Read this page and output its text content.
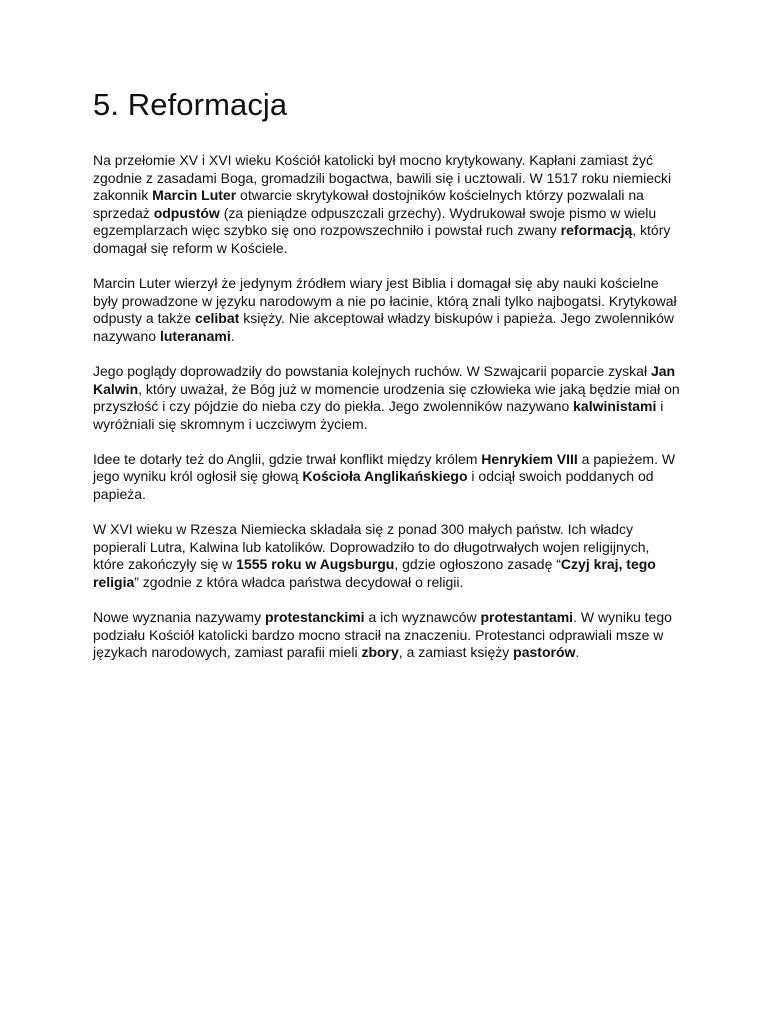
5. Reformacja

Na przełomie XV i XVI wieku Kościół katolicki był mocno krytykowany. Kapłani zamiast żyć zgodnie z zasadami Boga, gromadzili bogactwa, bawili się i ucztowali. W 1517 roku niemiecki zakonnik Marcin Luter otwarcie skrytykował dostojników kościelnych którzy pozwalali na sprzedaż odpustów (za pieniądze odpuszczali grzechy). Wydrukował swoje pismo w wielu egzemplarzach więc szybko się ono rozpowszechniło i powstał ruch zwany reformacją, który domagał się reform w Kościele.

Marcin Luter wierzył że jedynym źródłem wiary jest Biblia i domagał się aby nauki kościelne były prowadzone w języku narodowym a nie po łacinie, którą znali tylko najbogatsi. Krytykował odpusty a także celibat księży. Nie akceptował władzy biskupów i papieża. Jego zwolenników nazywano luteranami.

Jego poglądy doprowadziły do powstania kolejnych ruchów. W Szwajcarii poparcie zyskał Jan Kalwin, który uważał, że Bóg już w momencie urodzenia się człowieka wie jaką będzie miał on przyszłość i czy pójdzie do nieba czy do piekła. Jego zwolenników nazywano kalwinistami i wyróżniali się skromnym i uczciwym życiem.

Idee te dotarły też do Anglii, gdzie trwał konflikt między królem Henrykiem VIII a papieżem. W jego wyniku król ogłosił się głową Kościoła Anglikańskiego i odciął swoich poddanych od papieża.

W XVI wieku w Rzesza Niemiecka składała się z ponad 300 małych państw. Ich władcy popierali Lutra, Kalwina lub katolików. Doprowadziło to do długotrwałych wojen religijnych, które zakończyły się w 1555 roku w Augsburgu, gdzie ogłoszono zasadę “Czyj kraj, tego religia” zgodnie z która władca państwa decydował o religii.

Nowe wyznania nazywamy protestanckimi a ich wyznawców protestantami. W wyniku tego podziału Kościół katolicki bardzo mocno stracił na znaczeniu. Protestanci odprawiali msze w językach narodowych, zamiast parafii mieli zbory, a zamiast księży pastorów.
